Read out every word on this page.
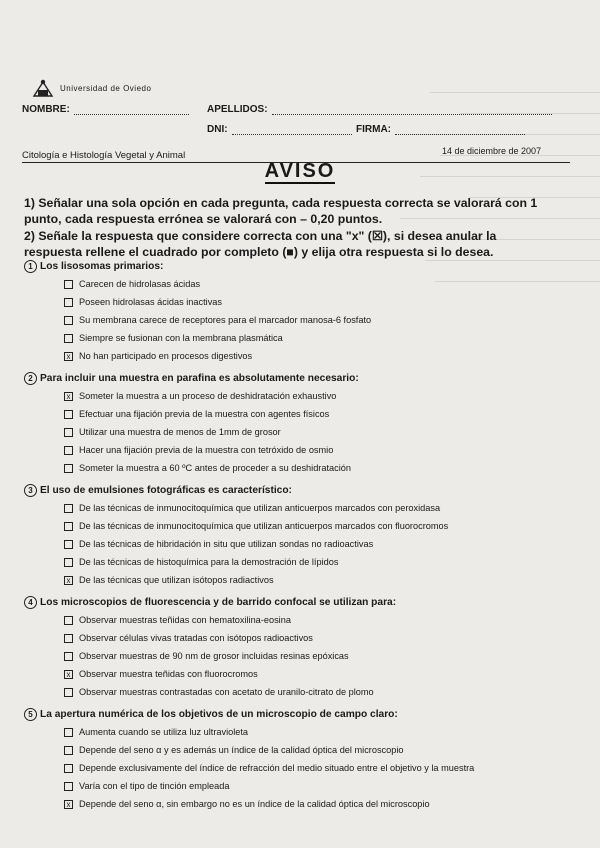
Universidad de Oviedo
NOMBRE:	APELLIDOS:
DNI:	FIRMA:
Citología e Histología Vegetal y Animal	14 de diciembre de 2007
AVISO

1) Señalar una sola opción en cada pregunta, cada respuesta correcta se valorará con 1 punto, cada respuesta errónea se valorará con – 0,20 puntos.

2) Señale la respuesta que considere correcta con una "x" (☒), si desea anular la respuesta rellene el cuadrado por completo (■) y elija otra respuesta si lo desea.

1 Los lisosomas primarios:
Carecen de hidrolasas ácidas
Poseen hidrolasas ácidas inactivas
Su membrana carece de receptores para el marcador manosa-6 fosfato
Siempre se fusionan con la membrana plasmática
x No han participado en procesos digestivos
2 Para incluir una muestra en parafina es absolutamente necesario:
x Someter la muestra a un proceso de deshidratación exhaustivo
Efectuar una fijación previa de la muestra con agentes físicos
Utilizar una muestra de menos de 1mm de grosor
Hacer una fijación previa de la muestra con tetróxido de osmio
Someter la muestra a 60 ºC antes de proceder a su deshidratación
3 El uso de emulsiones fotográficas es característico:
De las técnicas de inmunocitoquímica que utilizan anticuerpos marcados con peroxidasa
De las técnicas de inmunocitoquímica que utilizan anticuerpos marcados con fluorocromos
De las técnicas de hibridación in situ que utilizan sondas no radioactivas
De las técnicas de histoquímica para la demostración de lípidos
x De las técnicas que utilizan isótopos radiactivos
4 Los microscopios de fluorescencia y de barrido confocal se utilizan para:
Observar muestras teñidas con hematoxilina-eosina
Observar células vivas tratadas con isótopos radioactivos
Observar muestras de 90 nm de grosor incluidas resinas epóxicas
x Observar muestra teñidas con fluorocromos
Observar muestras contrastadas con acetato de uranilo-citrato de plomo
5 La apertura numérica de los objetivos de un microscopio de campo claro:
Aumenta cuando se utiliza luz ultravioleta
Depende del seno α y es además un índice de la calidad óptica del microscopio
Depende exclusivamente del índice de refracción del medio situado entre el objetivo y la muestra
Varía con el tipo de tinción empleada
x Depende del seno α, sin embargo no es un índice de la calidad óptica del microscopio
